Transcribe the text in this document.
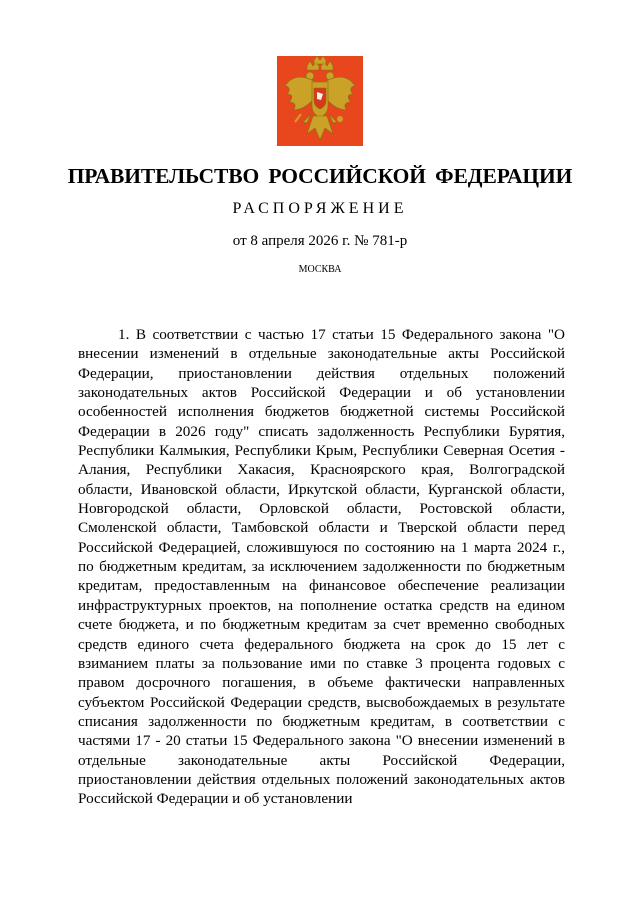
ПРАВИТЕЛЬСТВО РОССИЙСКОЙ ФЕДЕРАЦИИ
РАСПОРЯЖЕНИЕ
от 8 апреля 2026 г. № 781-р
МОСКВА

1. В соответствии с частью 17 статьи 15 Федерального закона "О внесении изменений в отдельные законодательные акты Российской Федерации, приостановлении действия отдельных положений законодательных актов Российской Федерации и об установлении особенностей исполнения бюджетов бюджетной системы Российской Федерации в 2026 году" списать задолженность Республики Бурятия, Республики Калмыкия, Республики Крым, Республики Северная Осетия - Алания, Республики Хакасия, Красноярского края, Волгоградской области, Ивановской области, Иркутской области, Курганской области, Новгородской области, Орловской области, Ростовской области, Смоленской области, Тамбовской области и Тверской области перед Российской Федерацией, сложившуюся по состоянию на 1 марта 2024 г., по бюджетным кредитам, за исключением задолженности по бюджетным кредитам, предоставленным на финансовое обеспечение реализации инфраструктурных проектов, на пополнение остатка средств на едином счете бюджета, и по бюджетным кредитам за счет временно свободных средств единого счета федерального бюджета на срок до 15 лет с взиманием платы за пользование ими по ставке 3 процента годовых с правом досрочного погашения, в объеме фактически направленных субъектом Российской Федерации средств, высвобождаемых в результате списания задолженности по бюджетным кредитам, в соответствии с частями 17 - 20 статьи 15 Федерального закона "О внесении изменений в отдельные законодательные акты Российской Федерации, приостановлении действия отдельных положений законодательных актов Российской Федерации и об установлении
